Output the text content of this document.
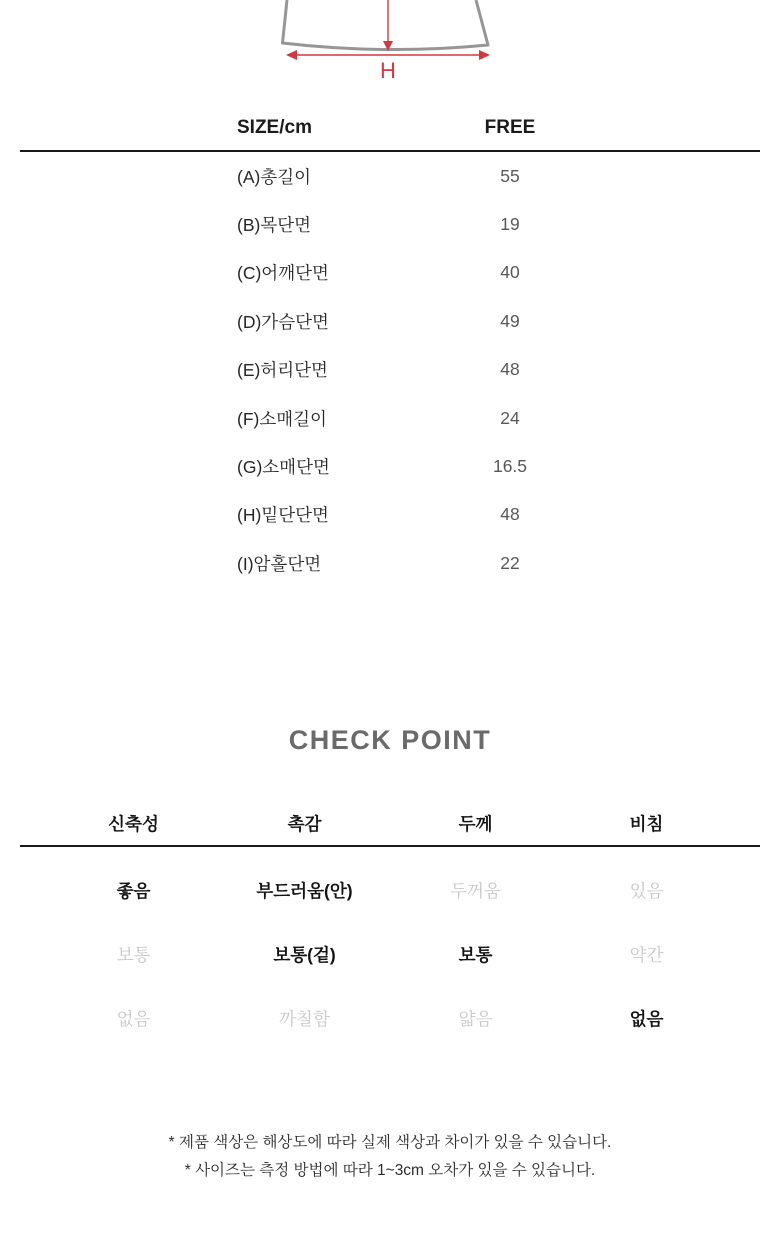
H
SIZE/cm	FREE
(A)총길이	55
(B)목단면	19
(C)어깨단면	40
(D)가슴단면	49
(E)허리단면	48
(F)소매길이	24
(G)소매단면	16.5
(H)밑단단면	48
(I)암홀단면	22
CHECK POINT
신축성	촉감	두께	비침
좋음	부드러움(안)	두꺼움	있음
보통	보통(겉)	보통	약간
없음	까칠함	얇음	없음
* 제품 색상은 해상도에 따라 실제 색상과 차이가 있을 수 있습니다.
* 사이즈는 측정 방법에 따라 1~3cm 오차가 있을 수 있습니다.
